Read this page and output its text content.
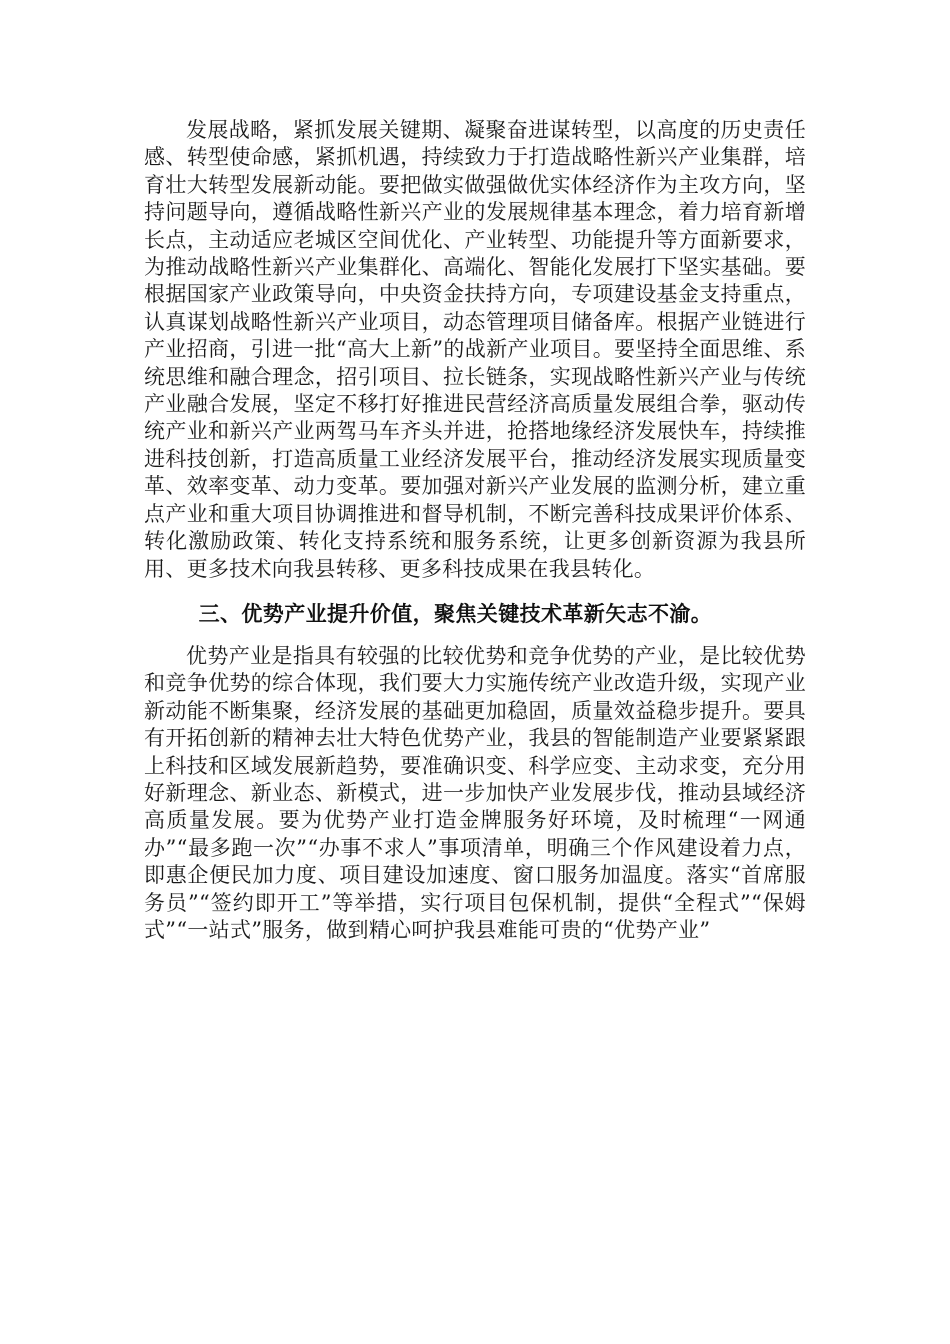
发展战略，紧抓发展关键期、凝聚奋进谋转型，以高度的历史责任感、转型使命感，紧抓机遇，持续致力于打造战略性新兴产业集群，培育壮大转型发展新动能。要把做实做强做优实体经济作为主攻方向，坚持问题导向，遵循战略性新兴产业的发展规律基本理念，着力培育新增长点，主动适应老城区空间优化、产业转型、功能提升等方面新要求，为推动战略性新兴产业集群化、高端化、智能化发展打下坚实基础。要根据国家产业政策导向，中央资金扶持方向，专项建设基金支持重点，认真谋划战略性新兴产业项目，动态管理项目储备库。根据产业链进行产业招商，引进一批“高大上新”的战新产业项目。要坚持全面思维、系统思维和融合理念，招引项目、拉长链条，实现战略性新兴产业与传统产业融合发展，坚定不移打好推进民营经济高质量发展组合拳，驱动传统产业和新兴产业两驾马车齐头并进，抢搭地缘经济发展快车，持续推进科技创新，打造高质量工业经济发展平台，推动经济发展实现质量变革、效率变革、动力变革。要加强对新兴产业发展的监测分析，建立重点产业和重大项目协调推进和督导机制，不断完善科技成果评价体系、转化激励政策、转化支持系统和服务系统，让更多创新资源为我县所用、更多技术向我县转移、更多科技成果在我县转化。

三、优势产业提升价值，聚焦关键技术革新矢志不渝。

优势产业是指具有较强的比较优势和竞争优势的产业，是比较优势和竞争优势的综合体现，我们要大力实施传统产业改造升级，实现产业新动能不断集聚，经济发展的基础更加稳固，质量效益稳步提升。要具有开拓创新的精神去壮大特色优势产业，我县的智能制造产业要紧紧跟上科技和区域发展新趋势，要准确识变、科学应变、主动求变，充分用好新理念、新业态、新模式，进一步加快产业发展步伐，推动县域经济高质量发展。要为优势产业打造金牌服务好环境，及时梳理“一网通办”“最多跑一次”“办事不求人”事项清单，明确三个作风建设着力点，即惠企便民加力度、项目建设加速度、窗口服务加温度。落实“首席服务员”“签约即开工”等举措，实行项目包保机制，提供“全程式”“保姆式”“一站式”服务，做到精心呵护我县难能可贵的“优势产业”
